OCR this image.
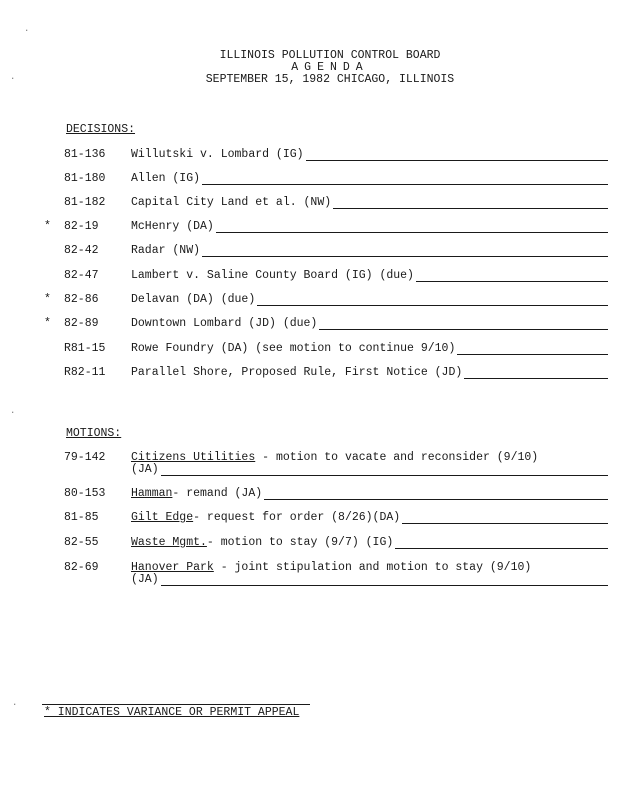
ILLINOIS POLLUTION CONTROL BOARD
AGENDA
SEPTEMBER 15, 1982 CHICAGO, ILLINOIS
DECISIONS:
81-136	Willutski v. Lombard (IG)
81-180	Allen (IG)
81-182	Capital City Land et al. (NW)
* 82-19	McHenry (DA)
82-42	Radar (NW)
82-47	Lambert v. Saline County Board (IG) (due)
* 82-86	Delavan (DA) (due)
* 82-89	Downtown Lombard (JD) (due)
R81-15	Rowe Foundry (DA) (see motion to continue 9/10)
R82-11	Parallel Shore, Proposed Rule, First Notice (JD)
MOTIONS:
79-142	Citizens Utilities - motion to vacate and reconsider (9/10)
(JA)
80-153	Hamman - remand (JA)
81-85	Gilt Edge - request for order (8/26)(DA)
82-55	Waste Mgmt. - motion to stay (9/7) (IG)
82-69	Hanover Park - joint stipulation and motion to stay (9/10)
(JA)
* INDICATES VARIANCE OR PERMIT APPEAL
·
·
·
·
